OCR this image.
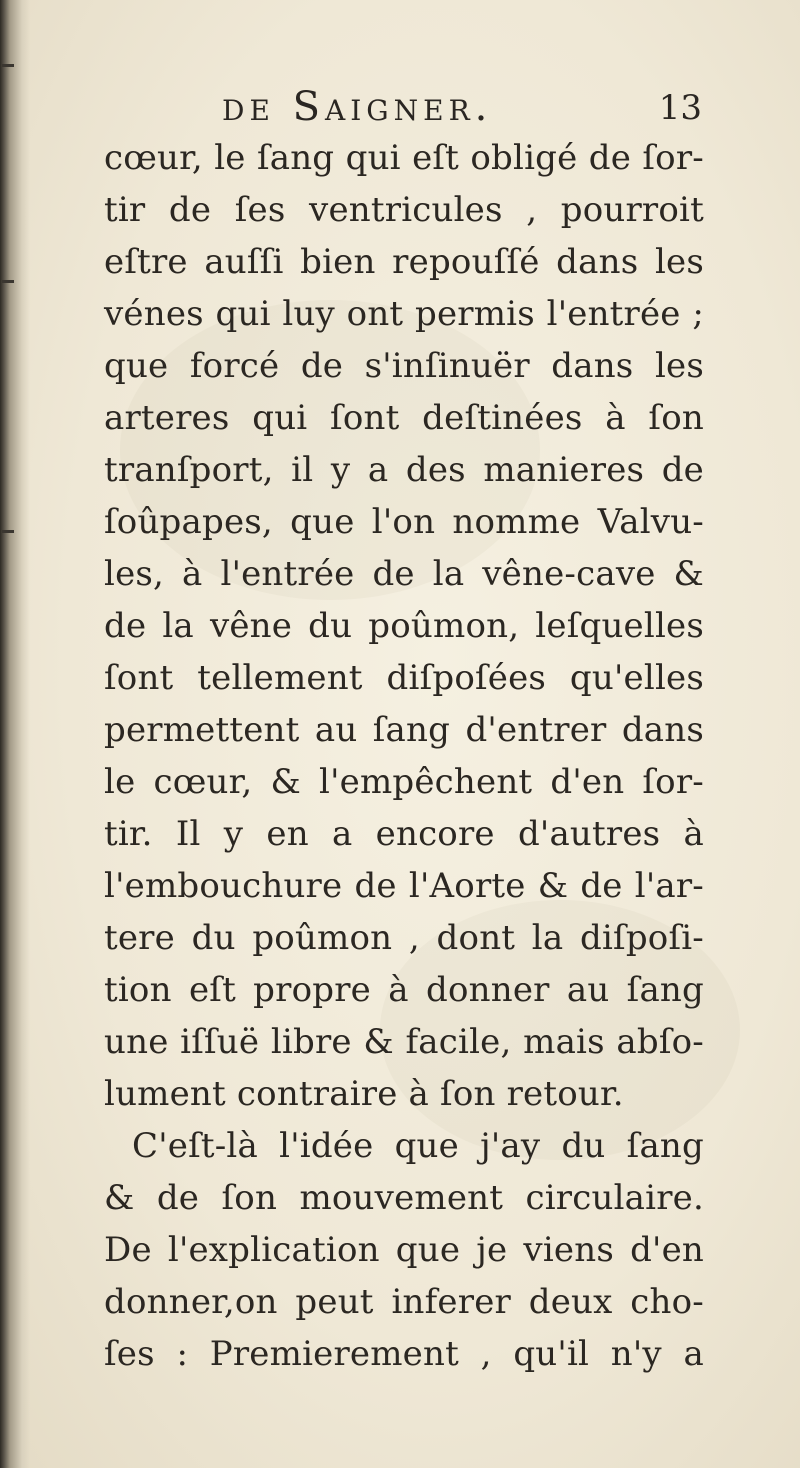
de Saigner.	13
cœur, le ſang qui eſt obligé de ſor-
tir de ſes ventricules , pourroit
eſtre auſſi bien repouſſé dans les
vénes qui luy ont permis l'entrée ;
que forcé de s'inſinuër dans les
arteres qui ſont deſtinées à ſon
tranſport, il y a des manieres de
ſoûpapes, que l'on nomme Valvu-
les, à l'entrée de la vêne-cave &
de la vêne du poûmon, leſquelles
ſont tellement diſpoſées qu'elles
permettent au ſang d'entrer dans
le cœur, & l'empêchent d'en ſor-
tir. Il y en a encore d'autres à
l'embouchure de l'Aorte & de l'ar-
tere du poûmon , dont la diſpoſi-
tion eſt propre à donner au ſang
une iſſuë libre & facile, mais abſo-
lument contraire à ſon retour.
C'eſt-là l'idée que j'ay du ſang
& de ſon mouvement circulaire.
De l'explication que je viens d'en
donner,on peut inferer deux cho-
ſes : Premierement , qu'il n'y a
